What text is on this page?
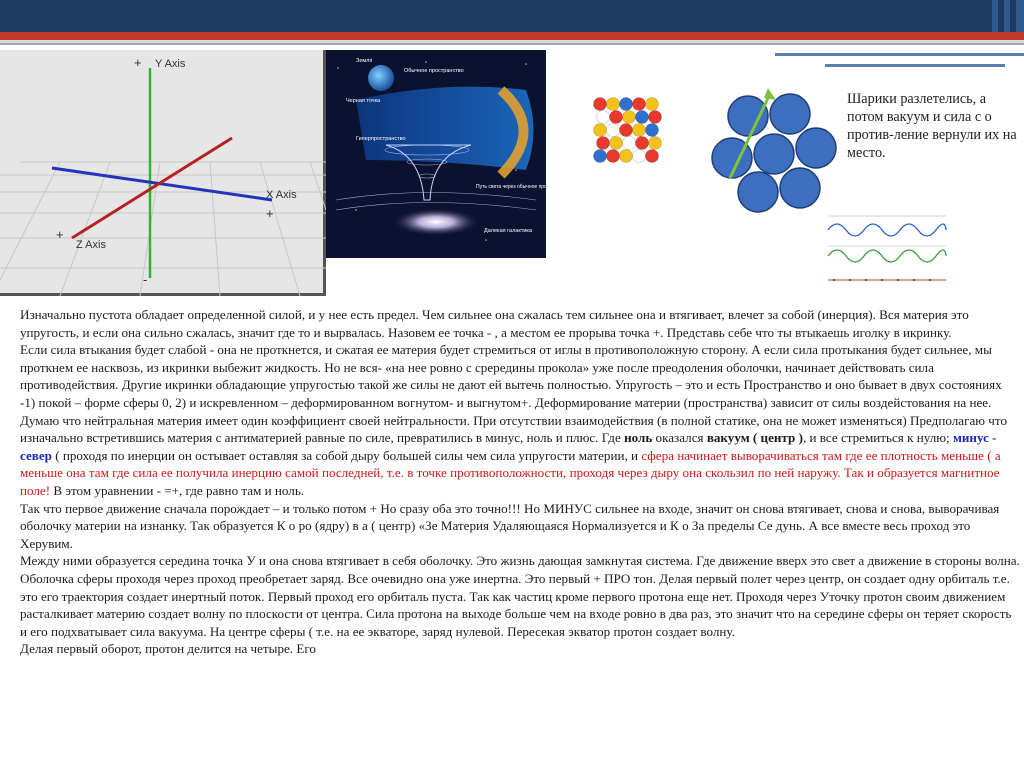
Y Axis
+
-
X Axis
+
Z Axis
+
Земля
Обычное пространство
Черная точка
Гиперпространство
Путь света через обычное пространство
Далекая галактика
Шарики разлетелись, а потом вакуум и сила с о против-ление вернули их на место.

Изначально пустота обладает определенной силой, и у нее есть предел. Чем сильнее она сжалась тем сильнее она и втягивает, влечет за собой (инерция). Вся материя это упругость, и если она сильно сжалась, значит где то и вырвалась. Назовем ее точка - , а местом ее прорыва точка +. Представь себе что ты втыкаешь иголку в икринку.

Если сила втыкания будет слабой - она не проткнется, и сжатая ее материя будет стремиться от иглы в противоположную сторону. А если сила протыкания будет сильнее, мы проткнем ее насквозь, из икринки выбежит жидкость. Но не вся- «на нее ровно с срередины прокола» уже после преодоления оболочки, начинает действовать сила противодействия. Другие икринки обладающие упругостью такой же силы не дают ей вытечь полностью. Упругость – это и есть Пространство и оно бывает в двух состояниях -1) покой – форме сферы 0, 2) и искревленном – деформированном вогнутом- и выгнутом+. Деформирование материи (пространства) зависит от силы воздейстования на нее.

Думаю что нейтральная материя имеет один коэффициент своей нейтральности. При отсутствии взаимодействия (в полной статике, она не может изменяться) Предполагаю что изначально встретившись материя с антиматерией равные по силе, превратились в минус, ноль и плюс. Где ноль оказался вакуум ( центр ), и все стремиться к нулю; минус - север ( проходя по инерции он остывает оставляя за собой дыру большей силы чем сила упругости материи, и сфера начинает выворачиваться там где ее плотность меньше ( а меньше она там где сила ее получила инерцию самой последней, т.е. в точке противоположности, проходя через дыру она скользил по ней наружу. Так и образуется магнитное поле! В этом уравнении - =+, где равно там и ноль.

Так что первое движение сначала порождает – и только потом + Но сразу оба это точно!!! Но МИНУС сильнее на входе, значит он снова втягивает, снова и снова, выворачивая оболочку материи на изнанку. Так образуется К о ро (ядру) в а ( центр) «Зе Материя Удаляющаяся Нормализуется и К о За пределы Се дунь. А все вместе весь проход это Херувим.

Между ними образуется середина точка У и она снова втягивает в себя оболочку. Это жизнь дающая замкнутая система. Где движение вверх это свет а движение в стороны волна.

Оболочка сферы проходя через проход преобретает заряд. Все очевидно она уже инертна. Это первый + ПРО тон. Делая первый полет через центр, он создает одну орбиталь т.е. это его траектория создает инертный поток. Первый проход его орбиталь пуста. Так как частиц кроме первого протона еще нет. Проходя через Уточку протон своим движением расталкивает материю создает волну по плоскости от центра. Сила протона на выходе больше чем на входе ровно в два раз, это значит что на середине сферы он теряет скорость и его подхватывает сила вакуума. На центре сферы ( т.е. на ее экваторе, заряд нулевой. Пересекая экватор протон создает волну.

Делая первый оборот, протон делится на четыре. Его
